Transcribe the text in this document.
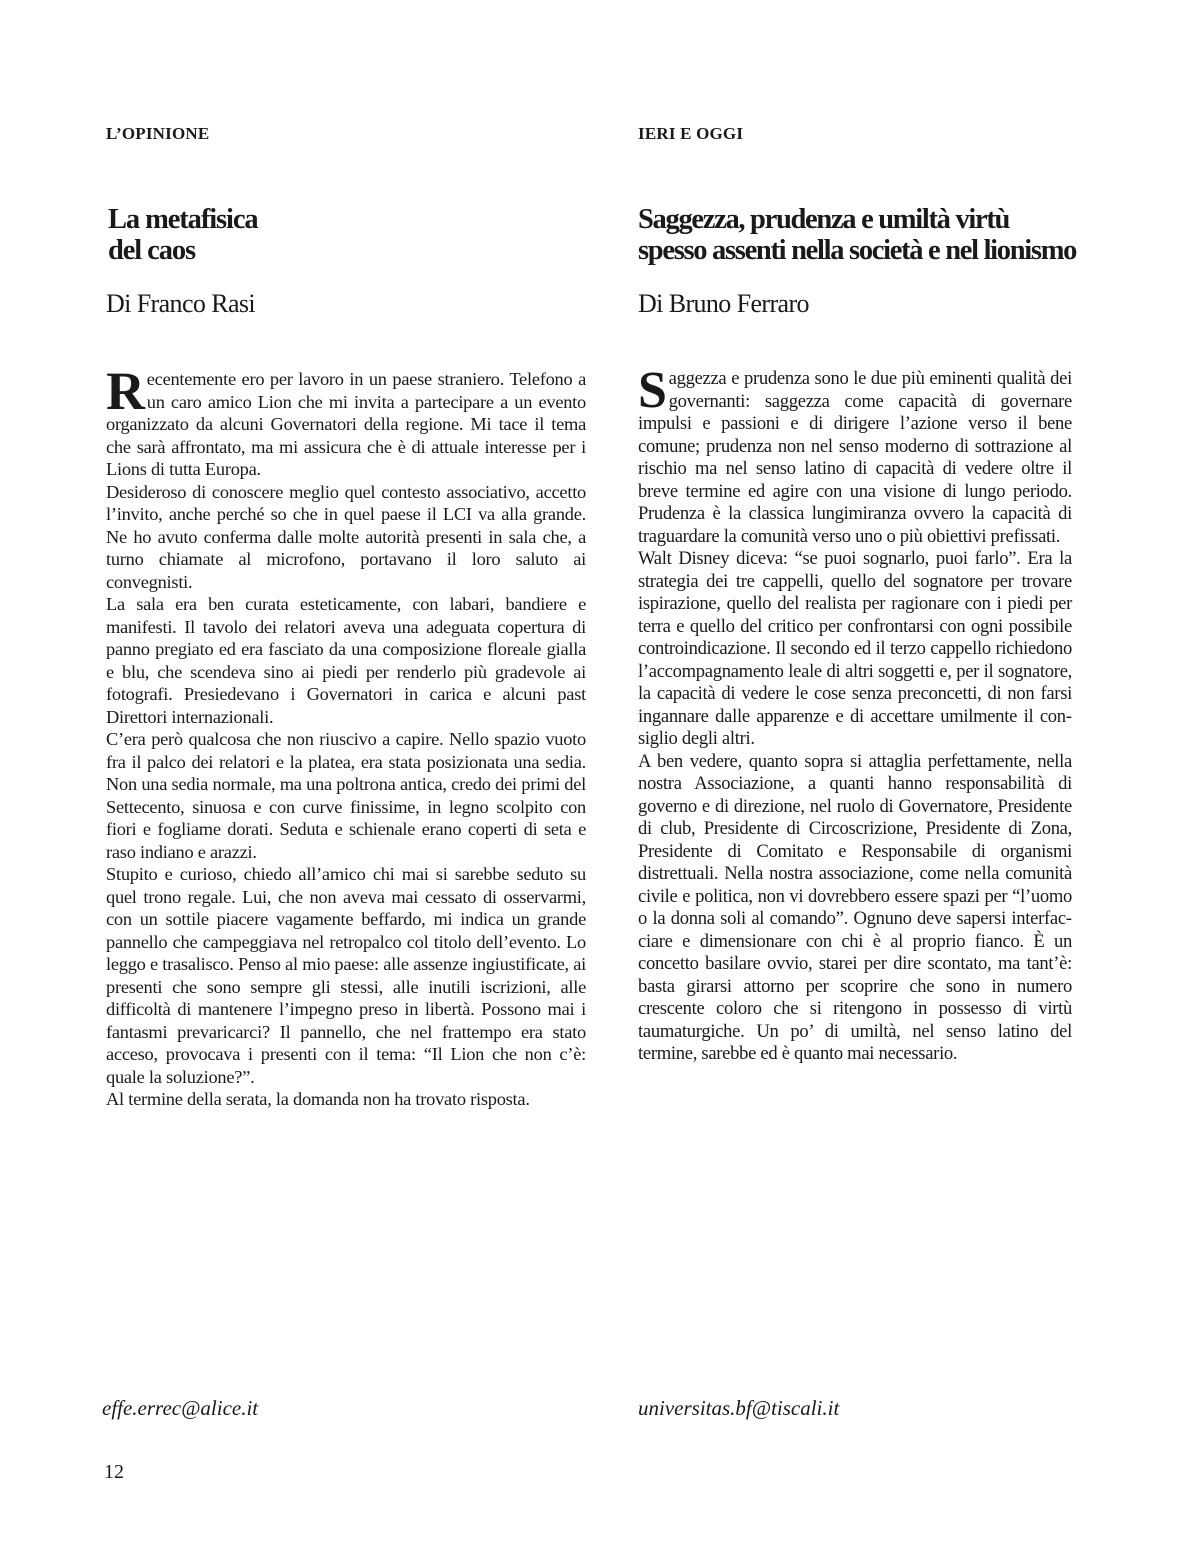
L’OPINIONE
La metafisica
del caos
Di Franco Rasi

Recentemente ero per lavoro in un paese straniero. Telefono a un caro amico Lion che mi invita a partecipare a un evento organizzato da alcuni Governatori della regione. Mi tace il tema che sarà affrontato, ma mi assicura che è di attuale interesse per i Lions di tutta Europa.

Desideroso di conoscere meglio quel contesto associativo, accetto l’invito, anche perché so che in quel paese il LCI va alla grande. Ne ho avuto conferma dalle molte autorità presenti in sala che, a turno chiamate al microfono, portavano il loro saluto ai convegnisti.

La sala era ben curata esteticamente, con labari, bandiere e manifesti. Il tavolo dei relatori aveva una adeguata copertura di panno pregiato ed era fasciato da una composizione floreale gialla e blu, che scendeva sino ai piedi per renderlo più gradevole ai fotografi. Presiedevano i Governatori in carica e alcuni past Direttori internazionali.

C’era però qualcosa che non riuscivo a capire. Nello spazio vuoto fra il palco dei relatori e la platea, era stata posizionata una sedia. Non una sedia normale, ma una poltrona antica, credo dei primi del Settecento, sinuosa e con curve finissime, in legno scolpito con fiori e fogliame dorati. Seduta e schienale erano coperti di seta e raso indiano e arazzi.

Stupito e curioso, chiedo all’amico chi mai si sarebbe seduto su quel trono regale. Lui, che non aveva mai cessato di osservarmi, con un sottile piacere vagamente beffardo, mi indica un grande pannello che campeggiava nel retropalco col titolo dell’evento. Lo leggo e trasalisco. Penso al mio paese: alle assenze ingiustificate, ai presenti che sono sempre gli stessi, alle inutili iscrizioni, alle difficoltà di mantenere l’impegno preso in libertà. Possono mai i fantasmi prevaricarci? Il pannello, che nel frattempo era stato acceso, provocava i presenti con il tema: “Il Lion che non c’è: quale la soluzione?”.

Al termine della serata, la domanda non ha trovato risposta.

effe.errec@alice.it
IERI E OGGI
Saggezza, prudenza e umiltà virtù
spesso assenti nella società e nel lionismo
Di Bruno Ferraro

Saggezza e prudenza sono le due più eminenti qualità dei governanti: saggezza come capacità di governare impulsi e passioni e di dirigere l’azione verso il bene comune; prudenza non nel senso moderno di sottrazione al rischio ma nel senso latino di capacità di vedere oltre il breve termine ed agire con una visione di lungo periodo. Prudenza è la classica lungimiranza ovvero la capacità di traguardare la comunità verso uno o più obiettivi prefissati.

Walt Disney diceva: “se puoi sognarlo, puoi farlo”. Era la strategia dei tre cappelli, quello del sognatore per trovare ispirazione, quello del realista per ragionare con i piedi per terra e quello del critico per confrontarsi con ogni possibile controindicazione. Il secondo ed il terzo cappello richiedono l’accompagnamento leale di altri soggetti e, per il sognatore, la capacità di vedere le cose senza preconcetti, di non farsi ingannare dalle apparenze e di accettare umilmente il consiglio degli altri.

A ben vedere, quanto sopra si attaglia perfettamente, nella nostra Associazione, a quanti hanno responsabilità di governo e di direzione, nel ruolo di Governatore, Presidente di club, Presidente di Circoscrizione, Presidente di Zona, Presidente di Comitato e Responsabile di organismi distrettuali. Nella nostra associazione, come nella comunità civile e politica, non vi dovrebbero essere spazi per “l’uomo o la donna soli al comando”. Ognuno deve sapersi interfacciare e dimensionare con chi è al proprio fianco. È un concetto basilare ovvio, starei per dire scontato, ma tant’è: basta girarsi attorno per scoprire che sono in numero crescente coloro che si ritengono in possesso di virtù taumaturgiche. Un po’ di umiltà, nel senso latino del termine, sarebbe ed è quanto mai necessario.

universitas.bf@tiscali.it
12
